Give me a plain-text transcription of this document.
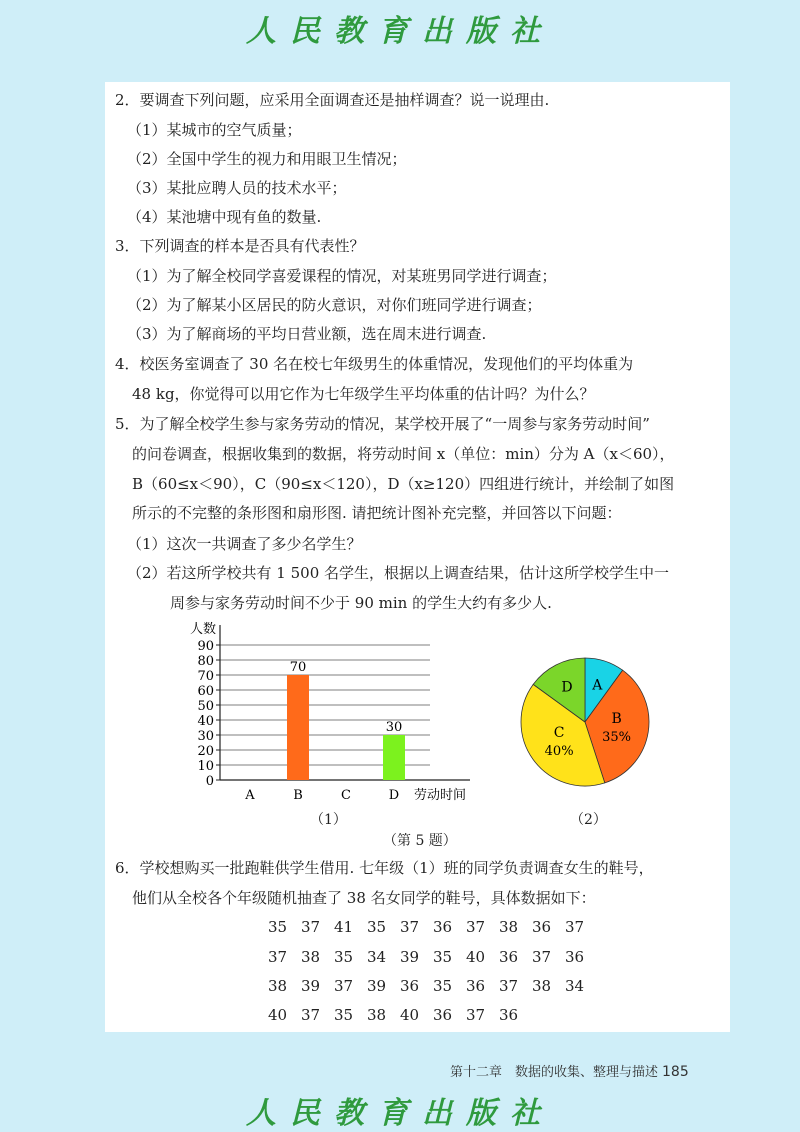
人民教育出版社
2．要调查下列问题，应采用全面调查还是抽样调查？说一说理由.
（1）某城市的空气质量；
（2）全国中学生的视力和用眼卫生情况；
（3）某批应聘人员的技术水平；
（4）某池塘中现有鱼的数量.
3．下列调查的样本是否具有代表性？
（1）为了解全校同学喜爱课程的情况，对某班男同学进行调查；
（2）为了解某小区居民的防火意识，对你们班同学进行调查；
（3）为了解商场的平均日营业额，选在周末进行调查.
4．校医务室调查了 30 名在校七年级男生的体重情况，发现他们的平均体重为
48 kg，你觉得可以用它作为七年级学生平均体重的估计吗？为什么？
5．为了解全校学生参与家务劳动的情况，某学校开展了“一周参与家务劳动时间”
的问卷调查，根据收集到的数据，将劳动时间 x（单位：min）分为 A（x＜60），
B（60≤x＜90），C（90≤x＜120），D（x≥120）四组进行统计，并绘制了如图
所示的不完整的条形图和扇形图. 请把统计图补充完整，并回答以下问题：
（1）这次一共调查了多少名学生？
（2）若这所学校共有 1 500 名学生，根据以上调查结果，估计这所学校学生中一
周参与家务劳动时间不少于 90 min 的学生大约有多少人.
0
10
20
30
40
50
60
70
80
90
人数
劳动时间
A	B
70
C	D
30
A
B
35%
C
40%
D
（1）	（2）
（第 5 题）
6．学校想购买一批跑鞋供学生借用. 七年级（1）班的同学负责调查女生的鞋号，
他们从全校各个年级随机抽查了 38 名女同学的鞋号，具体数据如下：
35 37 41 35 37 36 37 38 36 37
37 38 35 34 39 35 40 36 37 36
38 39 37 39 36 35 36 37 38 34
40 37 35 38 40 36 37 36
第十二章　数据的收集、整理与描述 185
人民教育出版社
